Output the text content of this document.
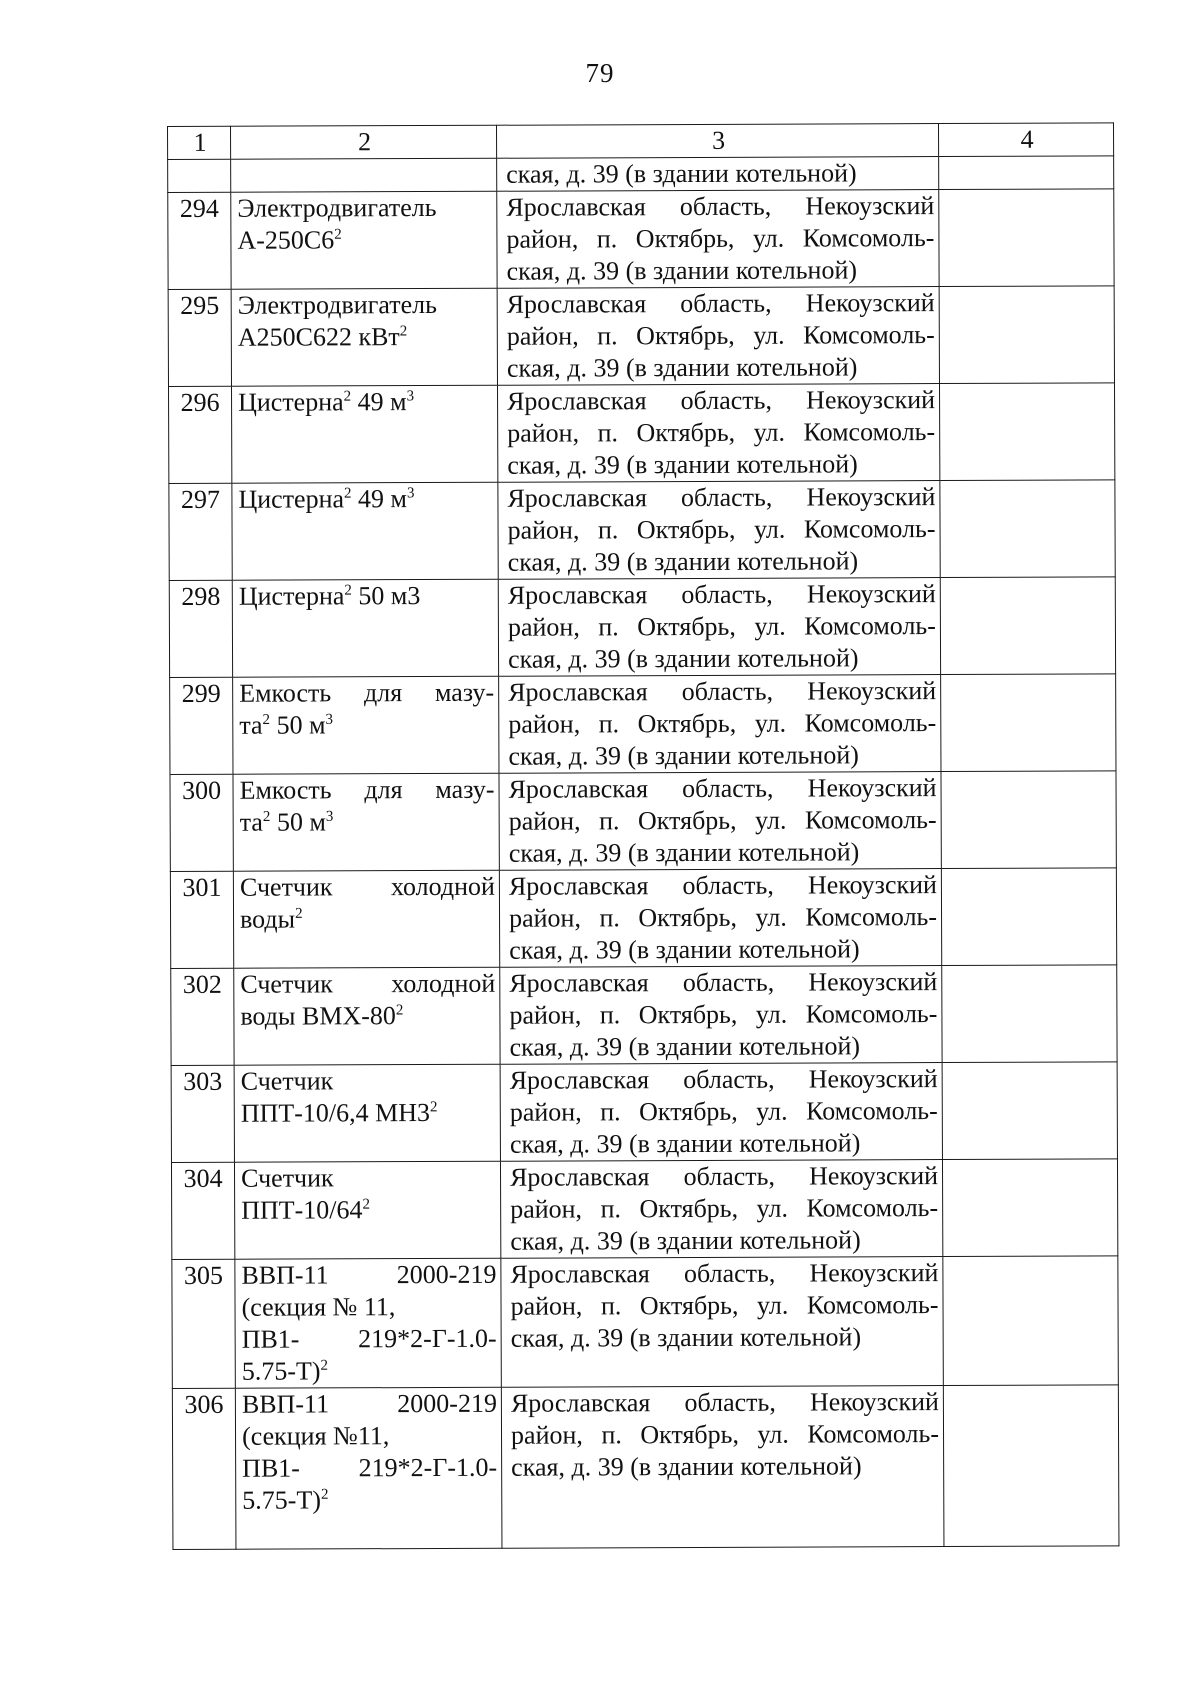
79
1	2	3	4

		ская, д. 39 (в здании котельной)	

294	Электродвигатель
$А-250С6^2$	Ярославская область, Некоузский
район, п. Октябрь, ул. Комсомоль-
ская, д. 39 (в здании котельной)	

295	Электродвигатель
А250С622 кВт$^2$	Ярославская область, Некоузский
район, п. Октябрь, ул. Комсомоль-
ская, д. 39 (в здании котельной)	

296	Цистерна$^2$ 49 $м^3$	Ярославская область, Некоузский
район, п. Октябрь, ул. Комсомоль-
ская, д. 39 (в здании котельной)	

297	Цистерна$^2$ 49 $м^3$	Ярославская область, Некоузский
район, п. Октябрь, ул. Комсомоль-
ская, д. 39 (в здании котельной)	

298	Цистерна$^2$ 50 м3	Ярославская область, Некоузский
район, п. Октябрь, ул. Комсомоль-
ская, д. 39 (в здании котельной)	

299	Емкость для мазу-
$та^2$ 50 $м^3$	Ярославская область, Некоузский
район, п. Октябрь, ул. Комсомоль-
ская, д. 39 (в здании котельной)	

300	Емкость для мазу-
$та^2$ 50 $м^3$	Ярославская область, Некоузский
район, п. Октябрь, ул. Комсомоль-
ская, д. 39 (в здании котельной)	

301	Счетчик холодной
воды$^2$	Ярославская область, Некоузский
район, п. Октябрь, ул. Комсомоль-
ская, д. 39 (в здании котельной)	

302	Счетчик холодной
воды ВМХ-$80^2$	Ярославская область, Некоузский
район, п. Октябрь, ул. Комсомоль-
ская, д. 39 (в здании котельной)	

303	Счетчик
ППТ-10/6,4 $МН3^2$	Ярославская область, Некоузский
район, п. Октябрь, ул. Комсомоль-
ская, д. 39 (в здании котельной)	

304	Счетчик
ППТ-$10/64^2$	Ярославская область, Некоузский
район, п. Октябрь, ул. Комсомоль-
ская, д. 39 (в здании котельной)	

305	ВВП-11 2000-219
(секция № 11,
ПВ1- 219*2-Г-1.0-
5.75-Т)$^2$	Ярославская область, Некоузский
район, п. Октябрь, ул. Комсомоль-
ская, д. 39 (в здании котельной)	

306	ВВП-11 2000-219
(секция №11,
ПВ1- 219*2-Г-1.0-
5.75-Т)$^2$	Ярославская область, Некоузский
район, п. Октябрь, ул. Комсомоль-
ская, д. 39 (в здании котельной)	
